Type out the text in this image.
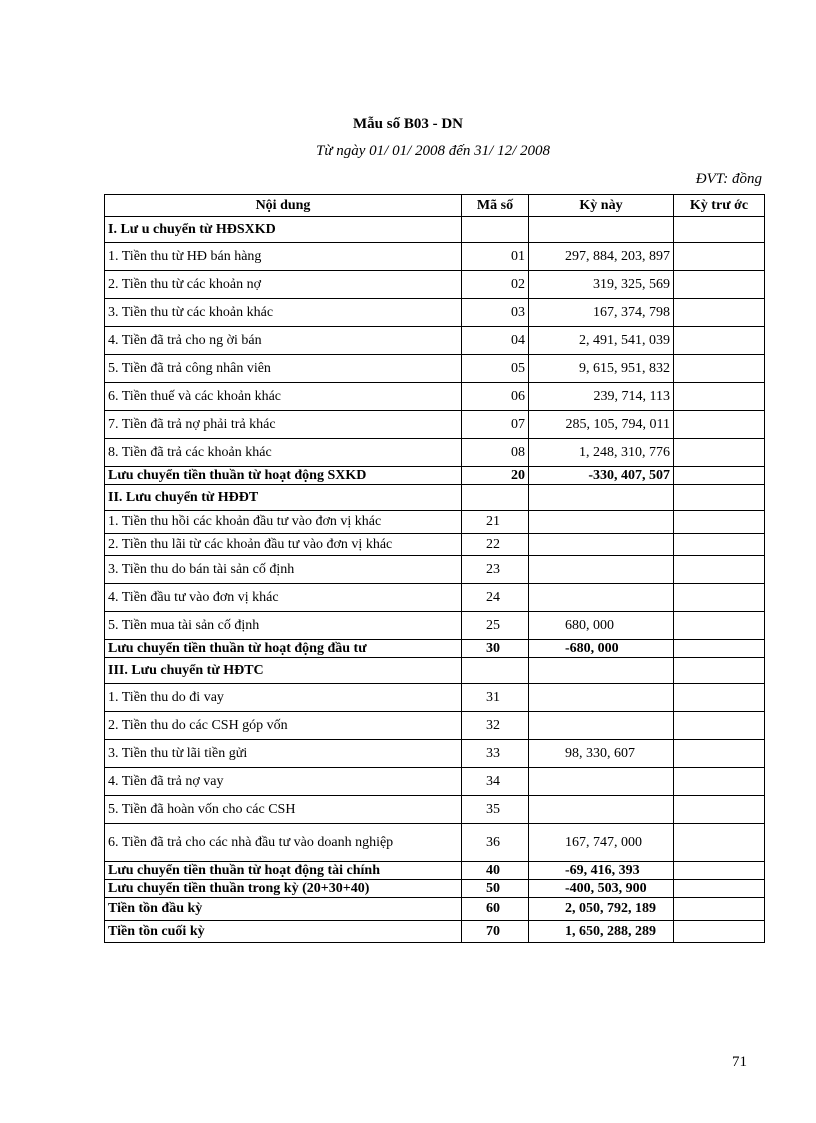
Mẫu số B03 - DN
Từ ngày 01/ 01/ 2008 đến 31/ 12/ 2008
ĐVT: đồng
Nội dung	Mã số	Kỳ này	Kỳ trư ớc
I. Lư u chuyển từ HĐSXKD			
1. Tiền thu từ HĐ bán hàng	01	297, 884, 203, 897	
2. Tiền thu từ các khoản nợ	02	319, 325, 569	
3. Tiền thu từ các khoản khác	03	167, 374, 798	
4. Tiền đã trả cho ng ời bán	04	2, 491, 541, 039	
5. Tiền đã trả công nhân viên	05	9, 615, 951, 832	
6. Tiền thuế và các khoản khác	06	239, 714, 113	
7. Tiền đã trả nợ phải trả khác	07	285, 105, 794, 011	
8. Tiền đã trả các khoản khác	08	1, 248, 310, 776	
Lưu chuyển tiền thuần từ hoạt động SXKD	20	-330, 407, 507	
II. Lưu chuyển từ HĐĐT			
1. Tiền thu hồi các khoản đầu tư vào đơn vị khác	21		
2. Tiền thu lãi từ các khoản đầu tư vào đơn vị khác	22		
3. Tiền thu do bán tài sản cố định	23		
4. Tiền đầu tư vào đơn vị khác	24		
5. Tiền mua tài sản cố định	25	680, 000	
Lưu chuyển tiền thuần từ hoạt động đầu tư	30	-680, 000	
III. Lưu chuyển từ HĐTC			
1. Tiền thu do đi vay	31		
2. Tiền thu do các CSH góp vốn	32		
3. Tiền thu từ lãi tiền gửi	33	98, 330, 607	
4. Tiền đã trả nợ vay	34		
5. Tiền đã hoàn vốn cho các CSH	35		
6. Tiền đã trả cho các nhà đầu tư vào doanh nghiệp	36	167, 747, 000	
Lưu chuyển tiền thuần từ hoạt động tài chính	40	-69, 416, 393	
Lưu chuyển tiền thuần trong kỳ (20+30+40)	50	-400, 503, 900	
Tiền tồn đầu kỳ	60	2, 050, 792, 189	
Tiền tồn cuối kỳ	70	1, 650, 288, 289	
71
